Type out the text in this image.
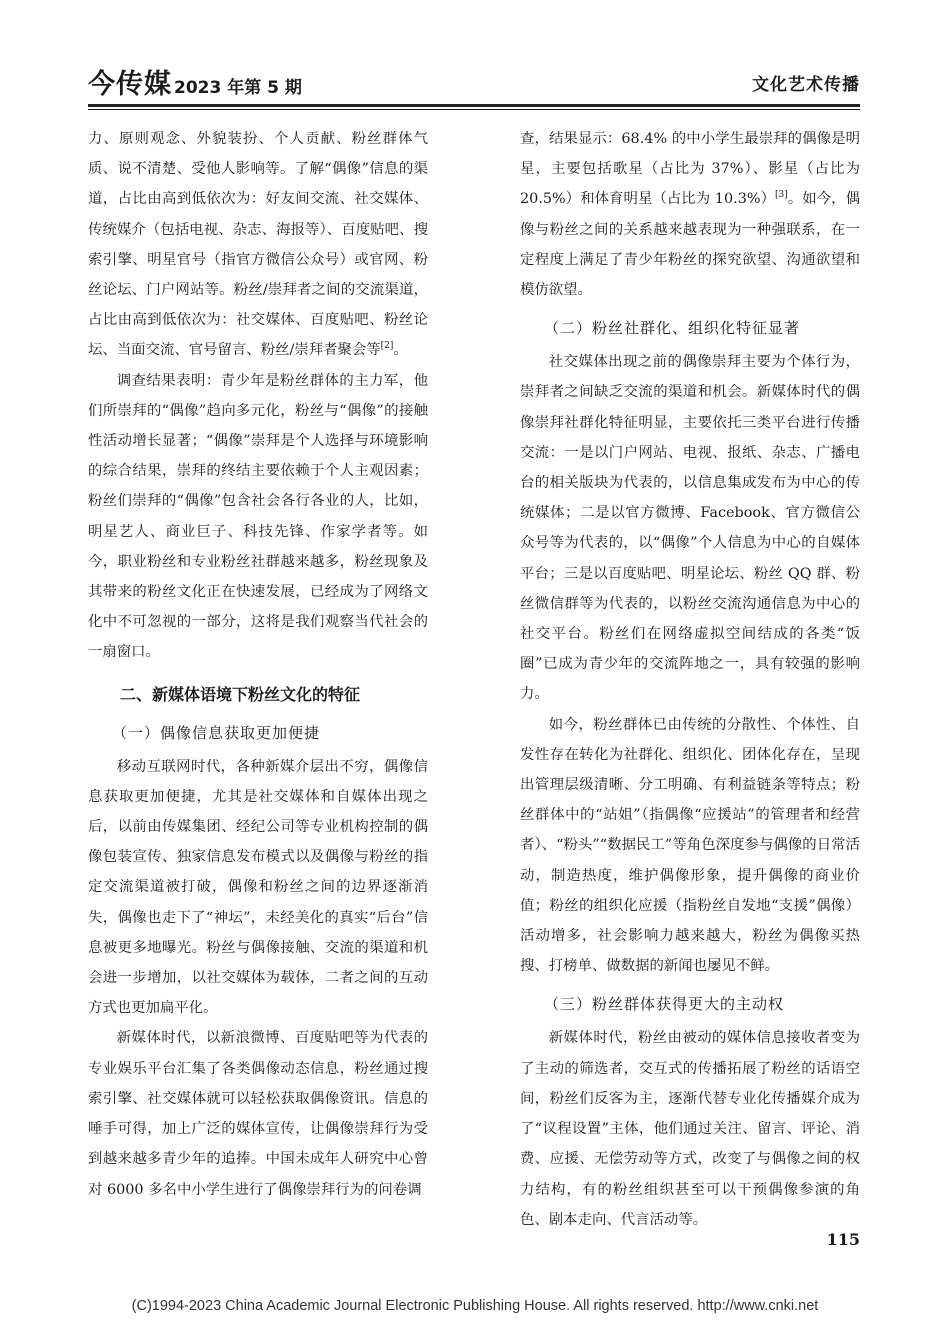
今传媒 2023 年第 5 期	文化艺术传播

力、原则观念、外貌装扮、个人贡献、粉丝群体气质、说不清楚、受他人影响等。了解“偶像”信息的渠道，占比由高到低依次为：好友间交流、社交媒体、传统媒介（包括电视、杂志、海报等）、百度贴吧、搜索引擎、明星官号（指官方微信公众号）或官网、粉丝论坛、门户网站等。粉丝/崇拜者之间的交流渠道，占比由高到低依次为：社交媒体、百度贴吧、粉丝论坛、当面交流、官号留言、粉丝/崇拜者聚会等[2]。

调查结果表明：青少年是粉丝群体的主力军，他们所崇拜的“偶像”趋向多元化，粉丝与“偶像”的接触性活动增长显著；“偶像”崇拜是个人选择与环境影响的综合结果，崇拜的终结主要依赖于个人主观因素；粉丝们崇拜的“偶像”包含社会各行各业的人，比如，明星艺人、商业巨子、科技先锋、作家学者等。如今，职业粉丝和专业粉丝社群越来越多，粉丝现象及其带来的粉丝文化正在快速发展，已经成为了网络文化中不可忽视的一部分，这将是我们观察当代社会的一扇窗口。

二、新媒体语境下粉丝文化的特征
（一）偶像信息获取更加便捷

移动互联网时代，各种新媒介层出不穷，偶像信息获取更加便捷，尤其是社交媒体和自媒体出现之后，以前由传媒集团、经纪公司等专业机构控制的偶像包装宣传、独家信息发布模式以及偶像与粉丝的指定交流渠道被打破，偶像和粉丝之间的边界逐渐消失，偶像也走下了“神坛”，未经美化的真实“后台”信息被更多地曝光。粉丝与偶像接触、交流的渠道和机会进一步增加，以社交媒体为载体，二者之间的互动方式也更加扁平化。

新媒体时代，以新浪微博、百度贴吧等为代表的专业娱乐平台汇集了各类偶像动态信息，粉丝通过搜索引擎、社交媒体就可以轻松获取偶像资讯。信息的唾手可得，加上广泛的媒体宣传，让偶像崇拜行为受到越来越多青少年的追捧。中国未成年人研究中心曾对 6000 多名中小学生进行了偶像崇拜行为的问卷调

查，结果显示：68.4% 的中小学生最崇拜的偶像是明星，主要包括歌星（占比为 37%）、影星（占比为 20.5%）和体育明星（占比为 10.3%）[3]。如今，偶像与粉丝之间的关系越来越表现为一种强联系，在一定程度上满足了青少年粉丝的探究欲望、沟通欲望和模仿欲望。

（二）粉丝社群化、组织化特征显著

社交媒体出现之前的偶像崇拜主要为个体行为，崇拜者之间缺乏交流的渠道和机会。新媒体时代的偶像崇拜社群化特征明显，主要依托三类平台进行传播交流：一是以门户网站、电视、报纸、杂志、广播电台的相关版块为代表的，以信息集成发布为中心的传统媒体；二是以官方微博、Facebook、官方微信公众号等为代表的，以“偶像”个人信息为中心的自媒体平台；三是以百度贴吧、明星论坛、粉丝 QQ 群、粉丝微信群等为代表的，以粉丝交流沟通信息为中心的社交平台。粉丝们在网络虚拟空间结成的各类“饭圈”已成为青少年的交流阵地之一，具有较强的影响力。

如今，粉丝群体已由传统的分散性、个体性、自发性存在转化为社群化、组织化、团体化存在，呈现出管理层级清晰、分工明确、有利益链条等特点；粉丝群体中的“站姐”（指偶像“应援站”的管理者和经营者）、“粉头”“数据民工”等角色深度参与偶像的日常活动，制造热度，维护偶像形象，提升偶像的商业价值；粉丝的组织化应援（指粉丝自发地“支援”偶像）活动增多，社会影响力越来越大，粉丝为偶像买热搜、打榜单、做数据的新闻也屡见不鲜。

（三）粉丝群体获得更大的主动权

新媒体时代，粉丝由被动的媒体信息接收者变为了主动的筛选者，交互式的传播拓展了粉丝的话语空间，粉丝们反客为主，逐渐代替专业化传播媒介成为了“议程设置”主体，他们通过关注、留言、评论、消费、应援、无偿劳动等方式，改变了与偶像之间的权力结构，有的粉丝组织甚至可以干预偶像参演的角色、剧本走向、代言活动等。

115
(C)1994-2023 China Academic Journal Electronic Publishing House. All rights reserved. http://www.cnki.net
